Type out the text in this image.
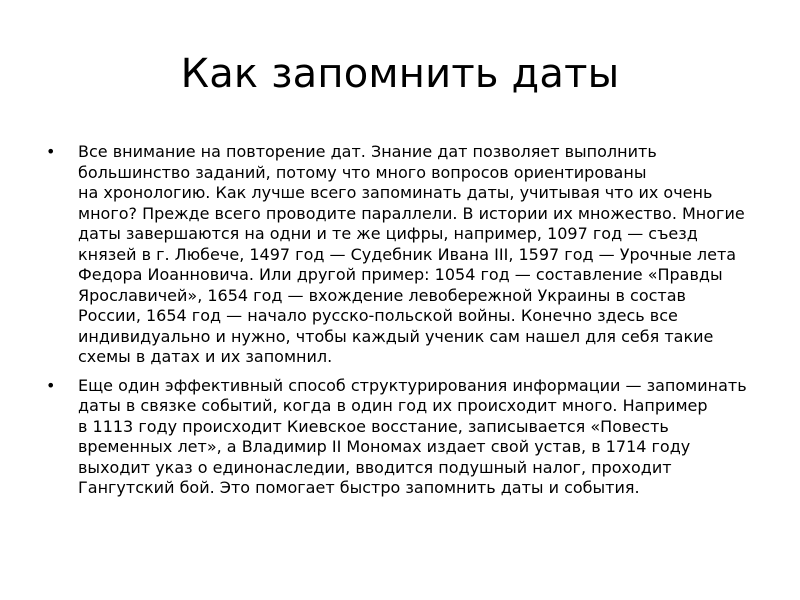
Как запомнить даты
• Все внимание на повторение дат. Знание дат позволяет выполнить
большинство заданий, потому что много вопросов ориентированы
на хронологию. Как лучше всего запоминать даты, учитывая что их очень
много? Прежде всего проводите параллели. В истории их множество. Многие
даты завершаются на одни и те же цифры, например, 1097 год — съезд
князей в г. Любече, 1497 год — Судебник Ивана III, 1597 год — Урочные лета
Федора Иоанновича. Или другой пример: 1054 год — составление «Правды
Ярославичей», 1654 год — вхождение левобережной Украины в состав
России, 1654 год — начало русско-польской войны. Конечно здесь все
индивидуально и нужно, чтобы каждый ученик сам нашел для себя такие
схемы в датах и их запомнил.
• Еще один эффективный способ структурирования информации — запоминать
даты в связке событий, когда в один год их происходит много. Например
в 1113 году происходит Киевское восстание, записывается «Повесть
временных лет», а Владимир II Мономах издает свой устав, в 1714 году
выходит указ о единонаследии, вводится подушный налог, проходит
Гангутский бой. Это помогает быстро запомнить даты и события.
